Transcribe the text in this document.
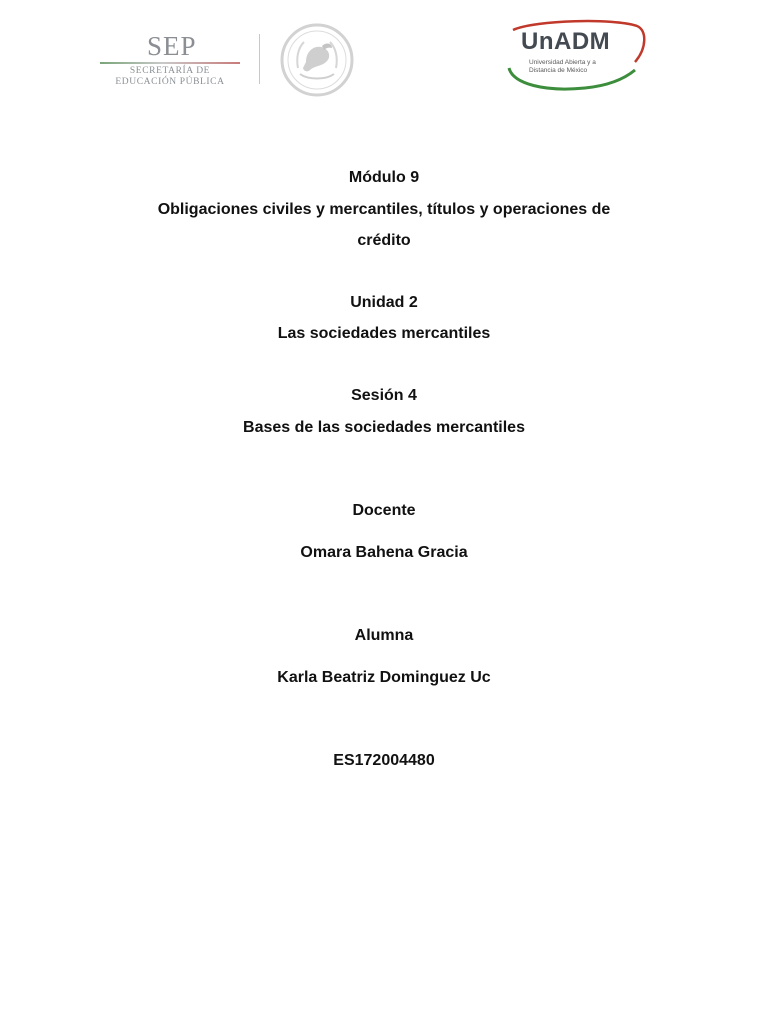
SEP
SECRETARÍA DE
EDUCACIÓN PÚBLICA
UnADM
Universidad Abierta y a
Distancia de México
Módulo 9
Obligaciones civiles y mercantiles, títulos y operaciones de
crédito
Unidad 2
Las sociedades mercantiles
Sesión 4
Bases de las sociedades mercantiles
Docente
Omara Bahena Gracia
Alumna
Karla Beatriz Dominguez Uc
ES172004480
